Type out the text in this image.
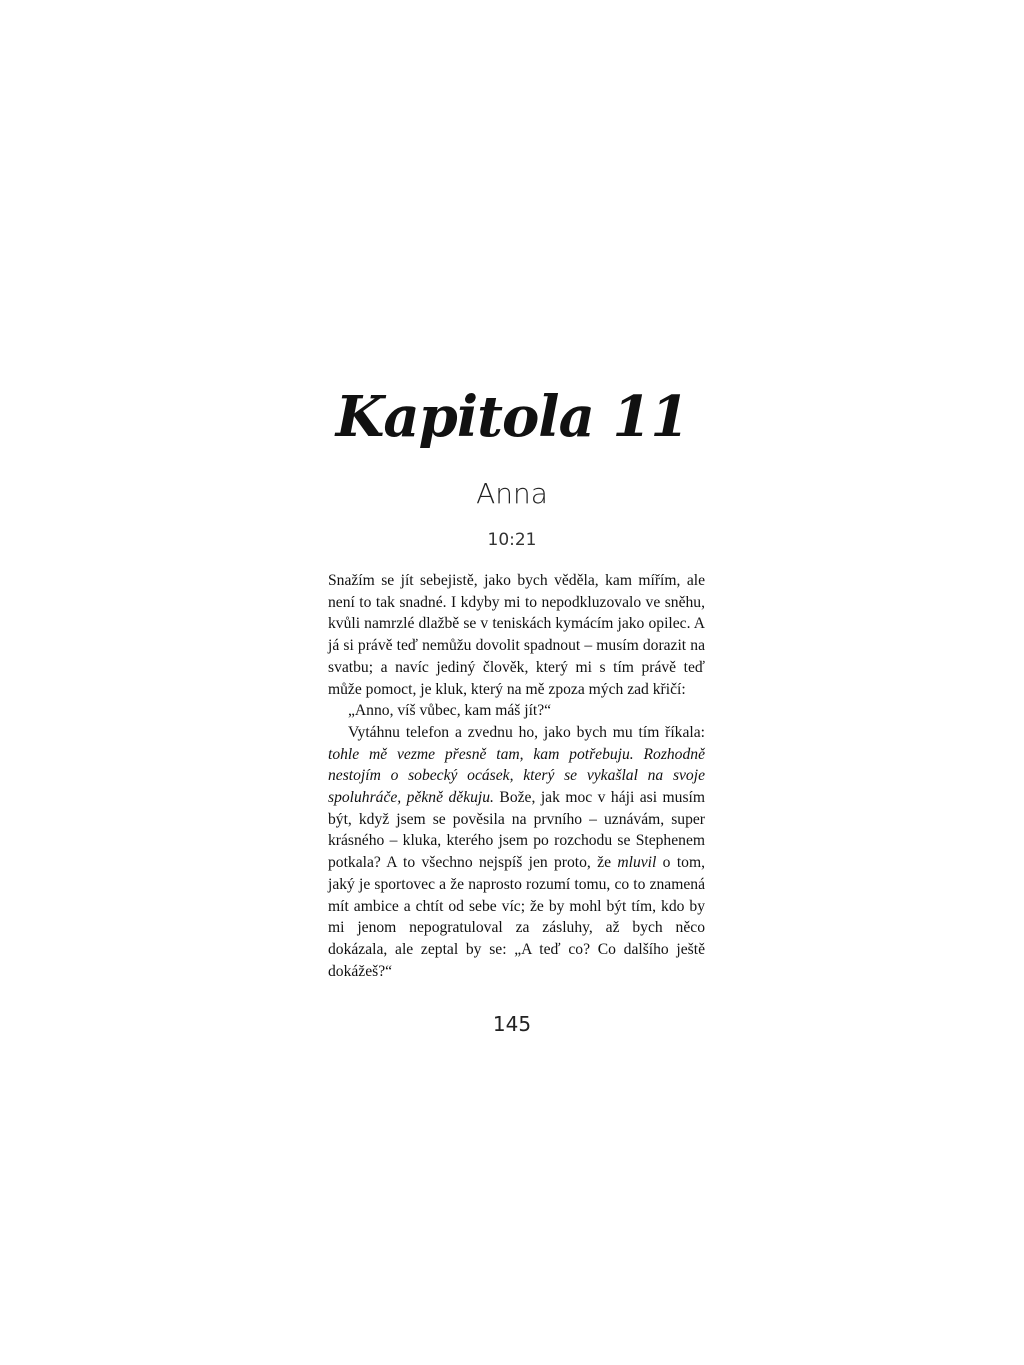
Kapitola 11
Anna
10:21

Snažím se jít sebejistě, jako bych věděla, kam mířím, ale není to tak snadné. I kdyby mi to nepodkluzovalo ve sněhu, kvůli namrzlé dlažbě se v teniskách kymácím jako opilec. A já si právě teď nemůžu dovolit spadnout – musím dorazit na svatbu; a navíc jediný člověk, který mi s tím právě teď může pomoct, je kluk, který na mě zpoza mých zad křičí:

„Anno, víš vůbec, kam máš jít?“

Vytáhnu telefon a zvednu ho, jako bych mu tím říkala: tohle mě vezme přesně tam, kam potřebuju. Rozhodně nestojím o sobecký ocásek, který se vykašlal na svoje spoluhráče, pěkně děkuju. Bože, jak moc v háji asi musím být, když jsem se pověsila na prvního – uznávám, super krásného – kluka, kterého jsem po rozchodu se Stephenem potkala? A to všechno nejspíš jen proto, že mluvil o tom, jaký je sportovec a že naprosto rozumí tomu, co to znamená mít ambice a chtít od sebe víc; že by mohl být tím, kdo by mi jenom nepogratuloval za zásluhy, až bych něco dokázala, ale zeptal by se: „A teď co? Co dalšího ještě dokážeš?“

145
